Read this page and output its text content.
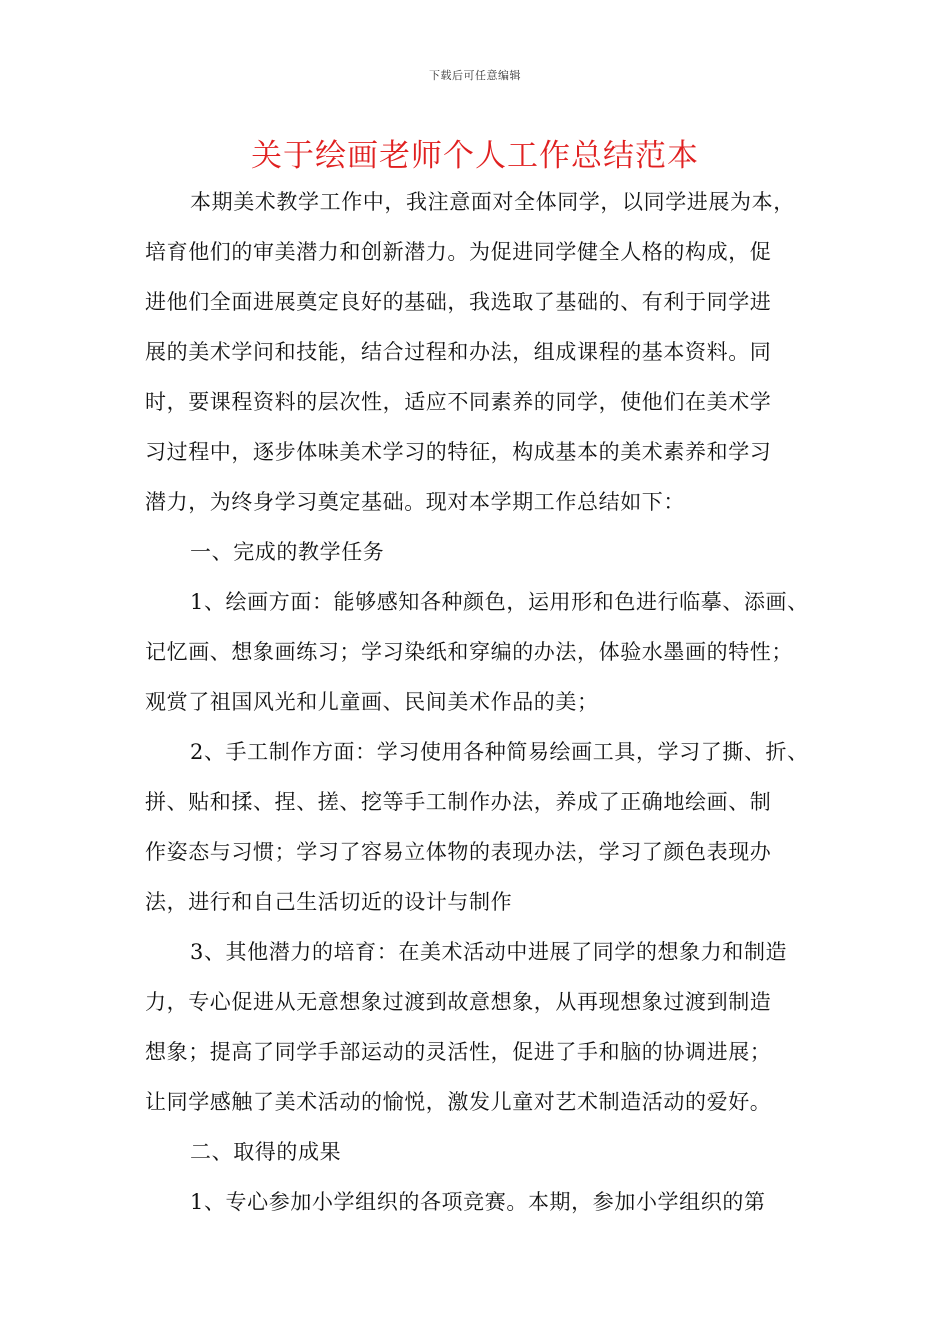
下载后可任意编辑
关于绘画老师个人工作总结范本
本期美术教学工作中，我注意面对全体同学，以同学进展为本，
培育他们的审美潜力和创新潜力。为促进同学健全人格的构成，促
进他们全面进展奠定良好的基础，我选取了基础的、有利于同学进
展的美术学问和技能，结合过程和办法，组成课程的基本资料。同
时，要课程资料的层次性，适应不同素养的同学，使他们在美术学
习过程中，逐步体味美术学习的特征，构成基本的美术素养和学习
潜力，为终身学习奠定基础。现对本学期工作总结如下：
一、完成的教学任务
1、绘画方面：能够感知各种颜色，运用形和色进行临摹、添画、
记忆画、想象画练习；学习染纸和穿编的办法，体验水墨画的特性；
观赏了祖国风光和儿童画、民间美术作品的美；
2、手工制作方面：学习使用各种简易绘画工具，学习了撕、折、
拼、贴和揉、捏、搓、挖等手工制作办法，养成了正确地绘画、制
作姿态与习惯；学习了容易立体物的表现办法，学习了颜色表现办
法，进行和自己生活切近的设计与制作
3、其他潜力的培育：在美术活动中进展了同学的想象力和制造
力，专心促进从无意想象过渡到故意想象，从再现想象过渡到制造
想象；提高了同学手部运动的灵活性，促进了手和脑的协调进展；
让同学感触了美术活动的愉悦，激发儿童对艺术制造活动的爱好。
二、取得的成果
1、专心参加小学组织的各项竞赛。本期，参加小学组织的第
